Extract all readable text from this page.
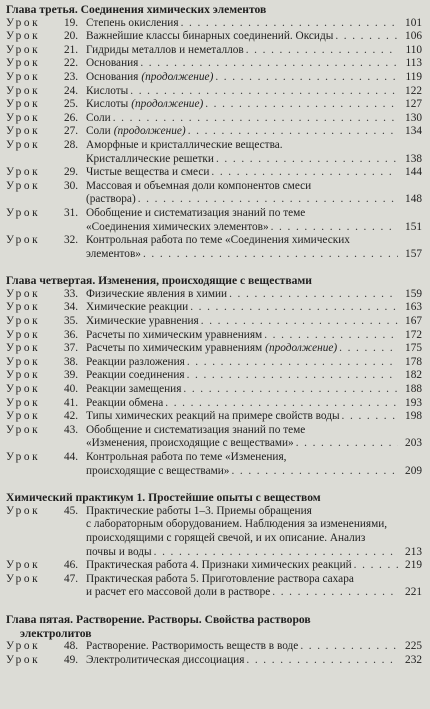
Глава третья. Соединения химических элементов
Урок	19. Степень окисления . . .	101
Урок	20. Важнейшие классы бинарных соединений. Оксиды . . .	106
Урок	21. Гидриды металлов и неметаллов . . .	110
Урок	22. Основания . . .	113
Урок	23. Основания (продолжение) . . .	119
Урок	24. Кислоты . . .	122
Урок	25. Кислоты (продолжение) . . .	127
Урок	26. Соли . . .	130
Урок	27. Соли (продолжение) . . .	134
Урок	28. Аморфные и кристаллические вещества.
Кристаллические решетки . . .	138
Урок	29. Чистые вещества и смеси . . .	144
Урок	30. Массовая и объемная доли компонентов смеси
(раствора) . . .	148
Урок	31. Обобщение и систематизация знаний по теме
«Соединения химических элементов» . . .	151
Урок	32. Контрольная работа по теме «Соединения химических
элементов» . . .	157
Глава четвертая. Изменения, происходящие с веществами
Урок	33. Физические явления в химии . . .	159
Урок	34. Химические реакции . . .	163
Урок	35. Химические уравнения . . .	167
Урок	36. Расчеты по химическим уравнениям . . .	172
Урок	37. Расчеты по химическим уравнениям (продолжение) . . .	175
Урок	38. Реакции разложения . . .	178
Урок	39. Реакции соединения . . .	182
Урок	40. Реакции замещения . . .	188
Урок	41. Реакции обмена . . .	193
Урок	42. Типы химических реакций на примере свойств воды . . .	198
Урок	43. Обобщение и систематизация знаний по теме
«Изменения, происходящие с веществами» . . .	203
Урок	44. Контрольная работа по теме «Изменения,
происходящие с веществами» . . .	209
Химический практикум 1. Простейшие опыты с веществом
Урок	45. Практические работы 1–3. Приемы обращения
с лабораторным оборудованием. Наблюдения за изменениями,
происходящими с горящей свечой, и их описание. Анализ
почвы и воды . . .	213
Урок	46. Практическая работа 4. Признаки химических реакций . . .	219
Урок	47. Практическая работа 5. Приготовление раствора сахара
и расчет его массовой доли в растворе . . .	221
Глава пятая. Растворение. Растворы. Свойства растворов
электролитов
Урок	48. Растворение. Растворимость веществ в воде . . .	225
Урок	49. Электролитическая диссоциация . . .	232
